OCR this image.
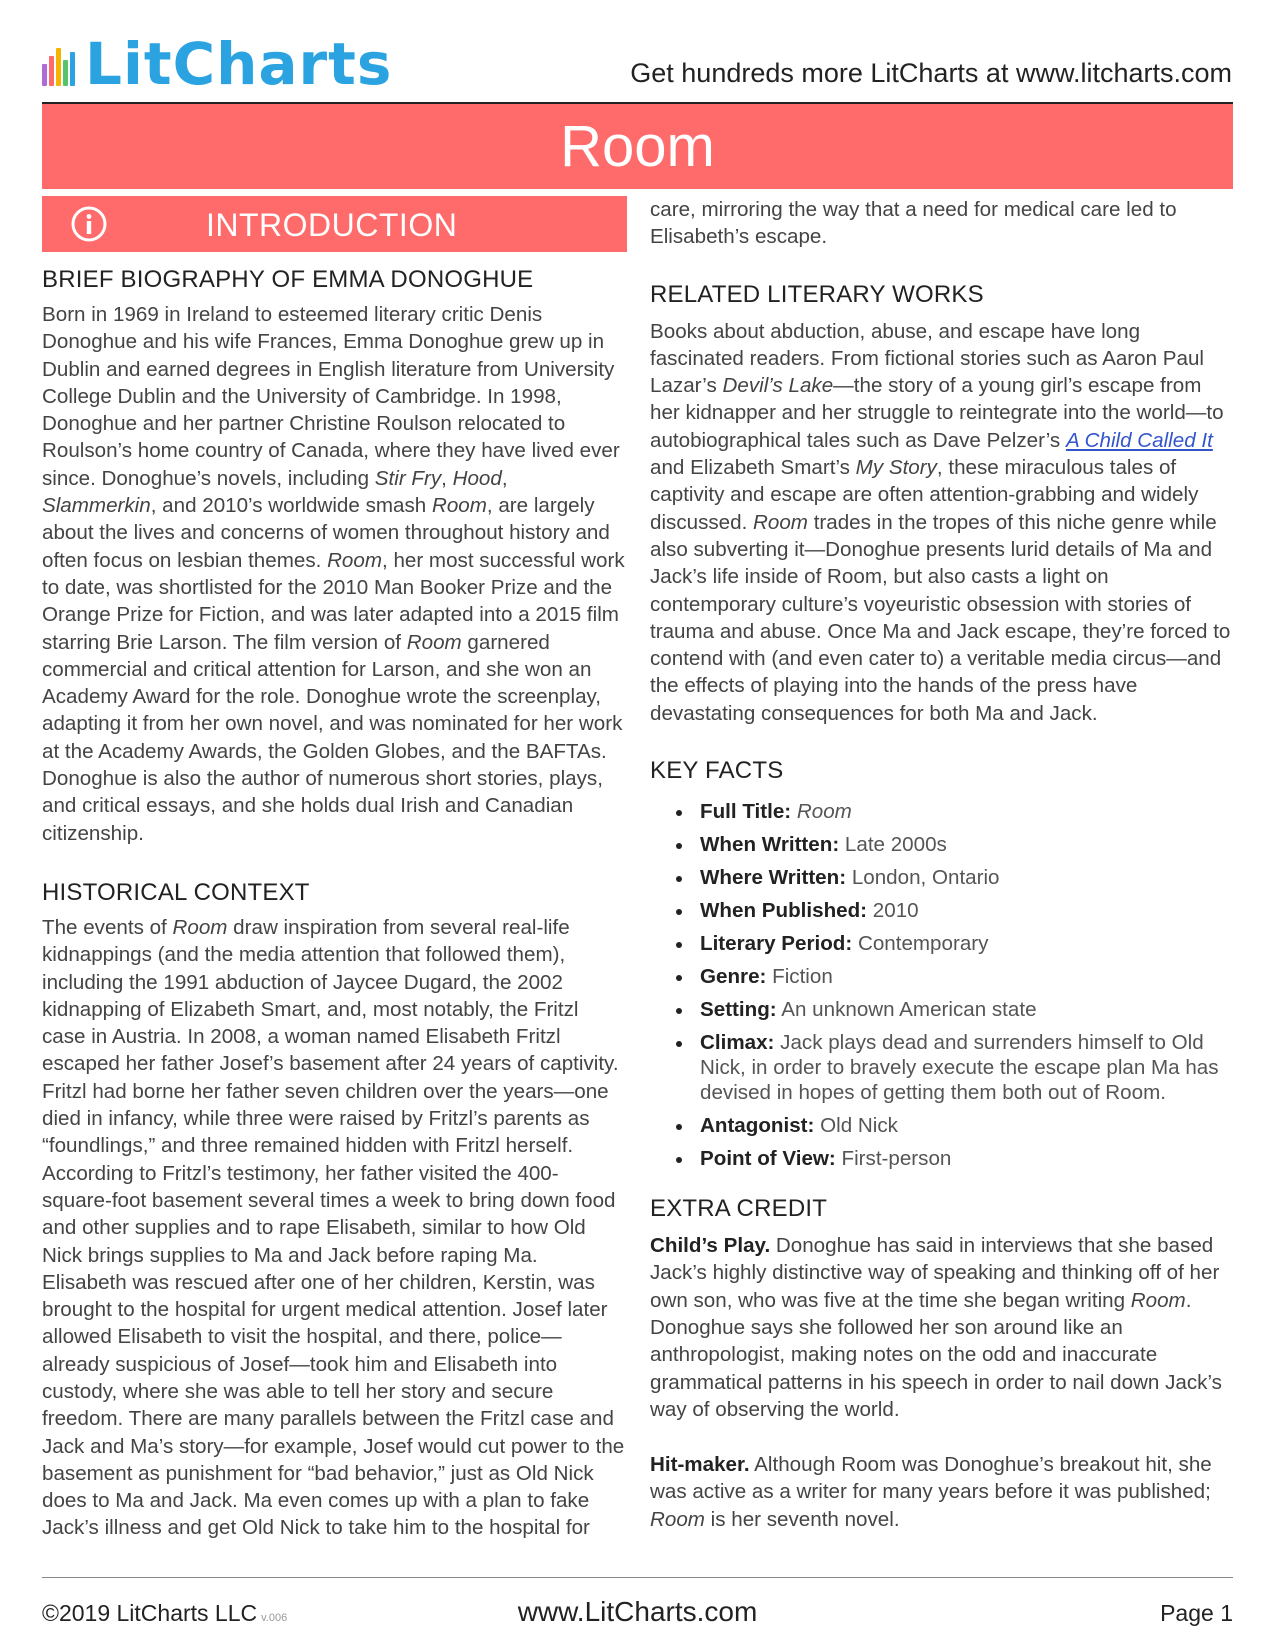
LitCharts	Get hundreds more LitCharts at www.litcharts.com
Room
INTRODUCTION
BRIEF BIOGRAPHY OF EMMA DONOGHUE

Born in 1969 in Ireland to esteemed literary critic Denis Donoghue and his wife Frances, Emma Donoghue grew up in Dublin and earned degrees in English literature from University College Dublin and the University of Cambridge. In 1998, Donoghue and her partner Christine Roulson relocated to Roulson’s home country of Canada, where they have lived ever since. Donoghue’s novels, including Stir Fry, Hood, Slammerkin, and 2010’s worldwide smash Room, are largely about the lives and concerns of women throughout history and often focus on lesbian themes. Room, her most successful work to date, was shortlisted for the 2010 Man Booker Prize and the Orange Prize for Fiction, and was later adapted into a 2015 film starring Brie Larson. The film version of Room garnered commercial and critical attention for Larson, and she won an Academy Award for the role. Donoghue wrote the screenplay, adapting it from her own novel, and was nominated for her work at the Academy Awards, the Golden Globes, and the BAFTAs. Donoghue is also the author of numerous short stories, plays, and critical essays, and she holds dual Irish and Canadian citizenship.

HISTORICAL CONTEXT

The events of Room draw inspiration from several real-life kidnappings (and the media attention that followed them), including the 1991 abduction of Jaycee Dugard, the 2002 kidnapping of Elizabeth Smart, and, most notably, the Fritzl case in Austria. In 2008, a woman named Elisabeth Fritzl escaped her father Josef’s basement after 24 years of captivity. Fritzl had borne her father seven children over the years—one died in infancy, while three were raised by Fritzl’s parents as “foundlings,” and three remained hidden with Fritzl herself. According to Fritzl’s testimony, her father visited the 400-square-foot basement several times a week to bring down food and other supplies and to rape Elisabeth, similar to how Old Nick brings supplies to Ma and Jack before raping Ma. Elisabeth was rescued after one of her children, Kerstin, was brought to the hospital for urgent medical attention. Josef later allowed Elisabeth to visit the hospital, and there, police—already suspicious of Josef—took him and Elisabeth into custody, where she was able to tell her story and secure freedom. There are many parallels between the Fritzl case and Jack and Ma’s story—for example, Josef would cut power to the basement as punishment for “bad behavior,” just as Old Nick does to Ma and Jack. Ma even comes up with a plan to fake Jack’s illness and get Old Nick to take him to the hospital for

care, mirroring the way that a need for medical care led to Elisabeth’s escape.

RELATED LITERARY WORKS

Books about abduction, abuse, and escape have long fascinated readers. From fictional stories such as Aaron Paul Lazar’s Devil’s Lake—the story of a young girl’s escape from her kidnapper and her struggle to reintegrate into the world—to autobiographical tales such as Dave Pelzer’s A Child Called It and Elizabeth Smart’s My Story, these miraculous tales of captivity and escape are often attention-grabbing and widely discussed. Room trades in the tropes of this niche genre while also subverting it—Donoghue presents lurid details of Ma and Jack’s life inside of Room, but also casts a light on contemporary culture’s voyeuristic obsession with stories of trauma and abuse. Once Ma and Jack escape, they’re forced to contend with (and even cater to) a veritable media circus—and the effects of playing into the hands of the press have devastating consequences for both Ma and Jack.

KEY FACTS
Full Title: Room
When Written: Late 2000s
Where Written: London, Ontario
When Published: 2010
Literary Period: Contemporary
Genre: Fiction
Setting: An unknown American state
Climax: Jack plays dead and surrenders himself to Old Nick, in order to bravely execute the escape plan Ma has devised in hopes of getting them both out of Room.
Antagonist: Old Nick
Point of View: First-person
EXTRA CREDIT

Child’s Play. Donoghue has said in interviews that she based Jack’s highly distinctive way of speaking and thinking off of her own son, who was five at the time she began writing Room. Donoghue says she followed her son around like an anthropologist, making notes on the odd and inaccurate grammatical patterns in his speech in order to nail down Jack’s way of observing the world.

Hit-maker. Although Room was Donoghue’s breakout hit, she was active as a writer for many years before it was published; Room is her seventh novel.

©2019 LitCharts LLC v.006	www.LitCharts.com	Page 1
